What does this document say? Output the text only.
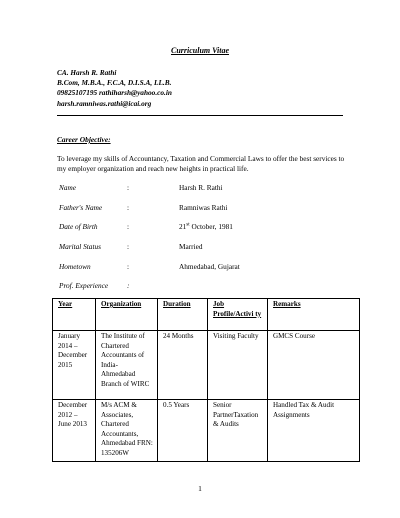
Curriculum Vitae
CA. Harsh R. Rathi
B.Com, M.B.A., F.C.A, D.I.S.A, LL.B.
09825107195 rathiharsh@yahoo.co.in
harsh.ramniwas.rathi@icai.org
Career Objective:
To leverage my skills of Accountancy, Taxation and Commercial Laws to offer the best services to my employer organization and reach new heights in practical life.
Name	:	Harsh R. Rathi
Father's Name	:	Ramniwas Rathi
Date of Birth	:	21st October, 1981
Marital Status	:	Married
Hometown	:	Ahmedabad, Gujarat
Prof. Experience	:
Year	Organization	Duration	Job Profile/Activi ty	Remarks
January 2014 – December 2015	The Institute of Chartered Accountants of India- Ahmedabad Branch of WIRC	24 Months	Visiting Faculty	GMCS Course
December 2012 – June 2013	M/s ACM & Associates, Chartered Accountants, Ahmedabad FRN: 135206W	0.5 Years	Senior PartnerTaxation & Audits	Handled Tax & Audit Assignments
1
